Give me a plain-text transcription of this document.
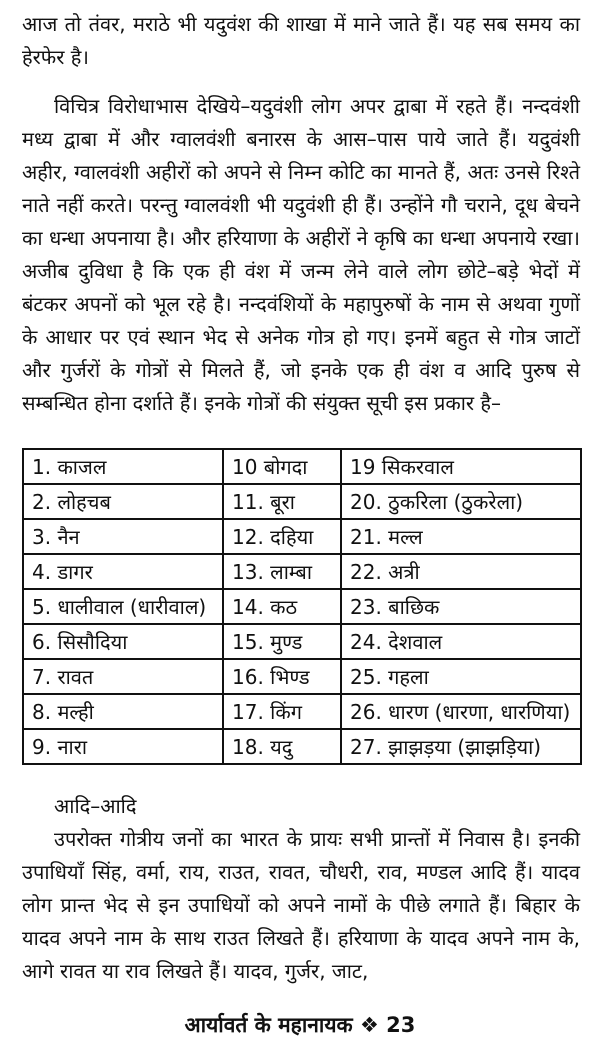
आज तो तंवर, मराठे भी यदुवंश की शाखा में माने जाते हैं। यह सब समय का हेरफेर है।

विचित्र विरोधाभास देखिये–यदुवंशी लोग अपर द्वाबा में रहते हैं। नन्दवंशी मध्य द्वाबा में और ग्वालवंशी बनारस के आस–पास पाये जाते हैं। यदुवंशी अहीर, ग्वालवंशी अहीरों को अपने से निम्न कोटि का मानते हैं, अतः उनसे रिश्ते नाते नहीं करते। परन्तु ग्वालवंशी भी यदुवंशी ही हैं। उन्होंने गौ चराने, दूध बेचने का धन्धा अपनाया है। और हरियाणा के अहीरों ने कृषि का धन्धा अपनाये रखा। अजीब दुविधा है कि एक ही वंश में जन्म लेने वाले लोग छोटे–बड़े भेदों में बंटकर अपनों को भूल रहे है। नन्दवंशियों के महापुरुषों के नाम से अथवा गुणों के आधार पर एवं स्थान भेद से अनेक गोत्र हो गए। इनमें बहुत से गोत्र जाटों और गुर्जरों के गोत्रों से मिलते हैं, जो इनके एक ही वंश व आदि पुरुष से सम्बन्धित होना दर्शाते हैं। इनके गोत्रों की संयुक्त सूची इस प्रकार है–

1. काजल	10 बोगदा	19 सिकरवाल
2. लोहचब	11. बूरा	20. ठुकरिला (ठुकरेला)
3. नैन	12. दहिया	21. मल्ल
4. डागर	13. लाम्बा	22. अत्री
5. धालीवाल (धारीवाल)	14. कठ	23. बाछिक
6. सिसौदिया	15. मुण्ड	24. देशवाल
7. रावत	16. भिण्ड	25. गहला
8. मल्ही	17. किंग	26. धारण (धारणा, धारणिया)
9. नारा	18. यदु	27. झाझड़या (झाझड़िया)
आदि–आदि

उपरोक्त गोत्रीय जनों का भारत के प्रायः सभी प्रान्तों में निवास है। इनकी उपाधियाँ सिंह, वर्मा, राय, राउत, रावत, चौधरी, राव, मण्डल आदि हैं। यादव लोग प्रान्त भेद से इन उपाधियों को अपने नामों के पीछे लगाते हैं। बिहार के यादव अपने नाम के साथ राउत लिखते हैं। हरियाणा के यादव अपने नाम के, आगे रावत या राव लिखते हैं। यादव, गुर्जर, जाट,

आर्यावर्त के महानायक ❖ 23
